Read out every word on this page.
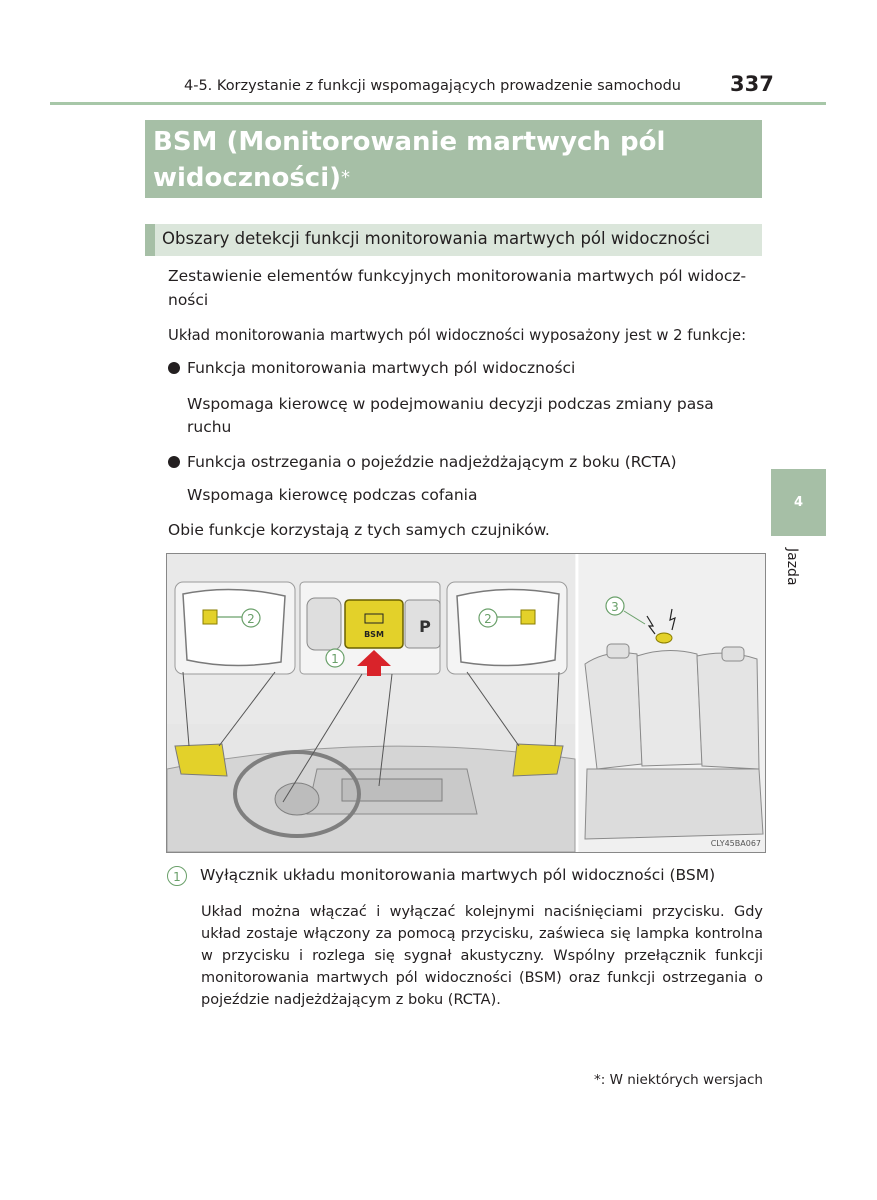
4-5. Korzystanie z funkcji wspomagających prowadzenie samochodu 337
BSM (Monitorowanie martwych pól
widoczności)*
Obszary detekcji funkcji monitorowania martwych pól widoczności
Zestawienie elementów funkcyjnych monitorowania martwych pól widocz-
ności
Układ monitorowania martwych pól widoczności wyposażony jest w 2 funkcje:
Funkcja monitorowania martwych pól widoczności
Wspomaga kierowcę w podejmowaniu decyzji podczas zmiany pasa
ruchu
Funkcja ostrzegania o pojeździe nadjeżdżającym z boku (RCTA)
Wspomaga kierowcę podczas cofania
Obie funkcje korzystają z tych samych czujników.
4
Jazda
2	P
BSM
1
2
3
CLY45BA067
1	Wyłącznik układu monitorowania martwych pól widoczności (BSM)
Układ można włączać i wyłączać kolejnymi naciśnięciami przycisku. Gdy układ zostaje włączony za pomocą przycisku, zaświeca się lampka kontrolna w przycisku i rozlega się sygnał akustyczny. Wspólny przełącznik funkcji monitorowania martwych pól widoczności (BSM) oraz funkcji ostrzegania o pojeździe nadjeżdżającym z boku (RCTA).
*: W niektórych wersjach
